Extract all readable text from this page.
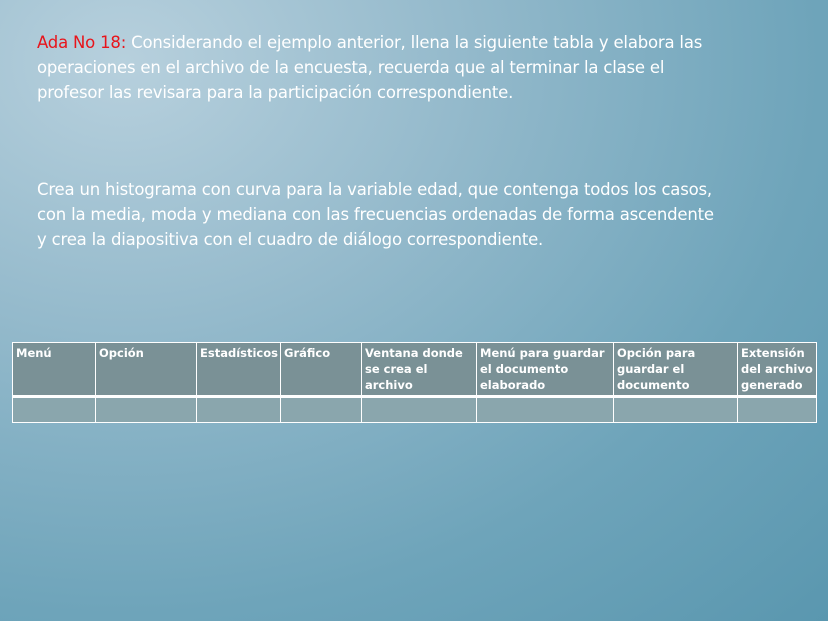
Ada No 18: Considerando el ejemplo anterior, llena la siguiente tabla y elabora las operaciones en el archivo de la encuesta, recuerda que al terminar la clase el profesor las revisara para la participación correspondiente.
Crea un histograma con curva para la variable edad, que contenga todos los casos, con la media, moda y mediana con las frecuencias ordenadas de forma ascendente y crea la diapositiva con el cuadro de diálogo correspondiente.
Menú	Opción	Estadísticos	Gráfico	Ventana donde se crea el archivo	Menú para guardar el documento elaborado	Opción para guardar el documento	Extensión del archivo generado
